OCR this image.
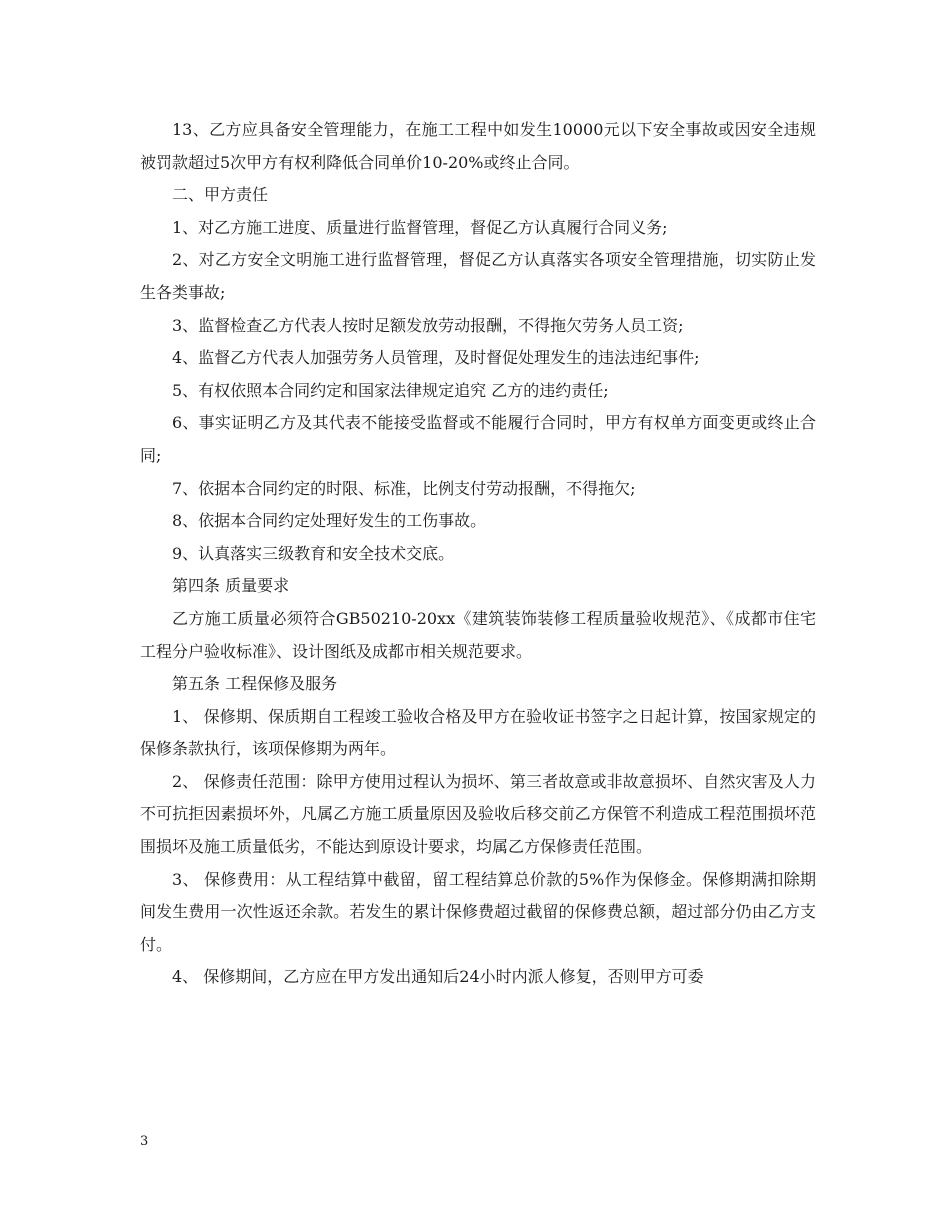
13、乙方应具备安全管理能力，在施工工程中如发生10000元以下安全事故或因安全违规被罚款超过5次甲方有权利降低合同单价10-20%或终止合同。

二、甲方责任

1、对乙方施工进度、质量进行监督管理，督促乙方认真履行合同义务;

2、对乙方安全文明施工进行监督管理，督促乙方认真落实各项安全管理措施，切实防止发生各类事故;

3、监督检查乙方代表人按时足额发放劳动报酬，不得拖欠劳务人员工资;

4、监督乙方代表人加强劳务人员管理，及时督促处理发生的违法违纪事件;

5、有权依照本合同约定和国家法律规定追究 乙方的违约责任;

6、事实证明乙方及其代表不能接受监督或不能履行合同时，甲方有权单方面变更或终止合同;

7、依据本合同约定的时限、标准，比例支付劳动报酬，不得拖欠;

8、依据本合同约定处理好发生的工伤事故。

9、认真落实三级教育和安全技术交底。

第四条 质量要求

乙方施工质量必须符合GB50210-20xx《建筑装饰装修工程质量验收规范》、《成都市住宅工程分户验收标准》、设计图纸及成都市相关规范要求。

第五条 工程保修及服务

1、 保修期、保质期自工程竣工验收合格及甲方在验收证书签字之日起计算，按国家规定的保修条款执行，该项保修期为两年。

2、 保修责任范围：除甲方使用过程认为损坏、第三者故意或非故意损坏、自然灾害及人力不可抗拒因素损坏外，凡属乙方施工质量原因及验收后移交前乙方保管不利造成工程范围损坏范围损坏及施工质量低劣，不能达到原设计要求，均属乙方保修责任范围。

3、 保修费用：从工程结算中截留，留工程结算总价款的5%作为保修金。保修期满扣除期间发生费用一次性返还余款。若发生的累计保修费超过截留的保修费总额，超过部分仍由乙方支付。

4、 保修期间，乙方应在甲方发出通知后24小时内派人修复，否则甲方可委

3
